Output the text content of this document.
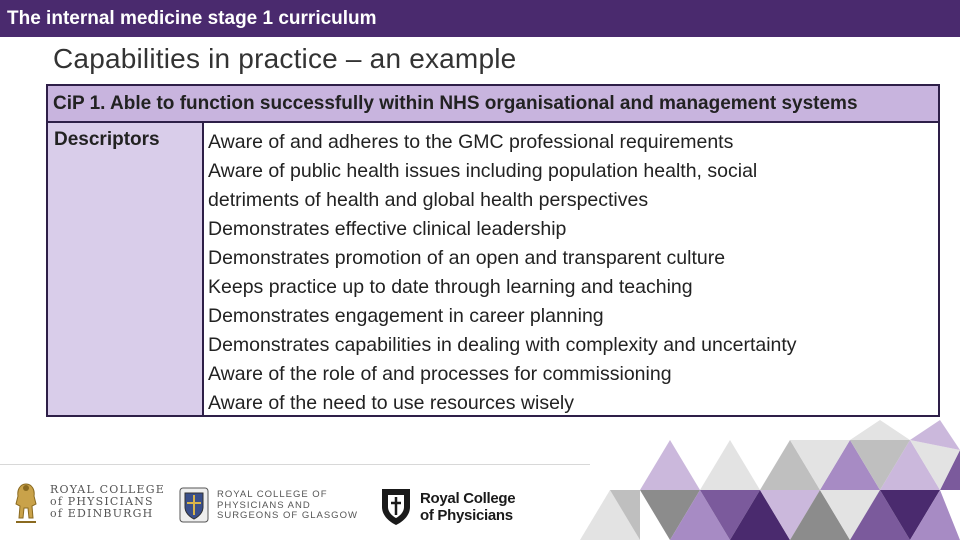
The internal medicine stage 1 curriculum
Capabilities in practice – an example
CiP 1. Able to function successfully within NHS organisational and management systems
Descriptors	Aware of and adheres to the GMC professional requirements
Aware of public health issues including population health, social
detriments of health and global health perspectives
Demonstrates effective clinical leadership
Demonstrates promotion of an open and transparent culture
Keeps practice up to date through learning and teaching
Demonstrates engagement in career planning
Demonstrates capabilities in dealing with complexity and uncertainty
Aware of the role of and processes for commissioning
Aware of the need to use resources wisely
ROYAL COLLEGE
of PHYSICIANS
of EDINBURGH
ROYAL COLLEGE OF
PHYSICIANS AND
SURGEONS OF GLASGOW
Royal College
of Physicians
